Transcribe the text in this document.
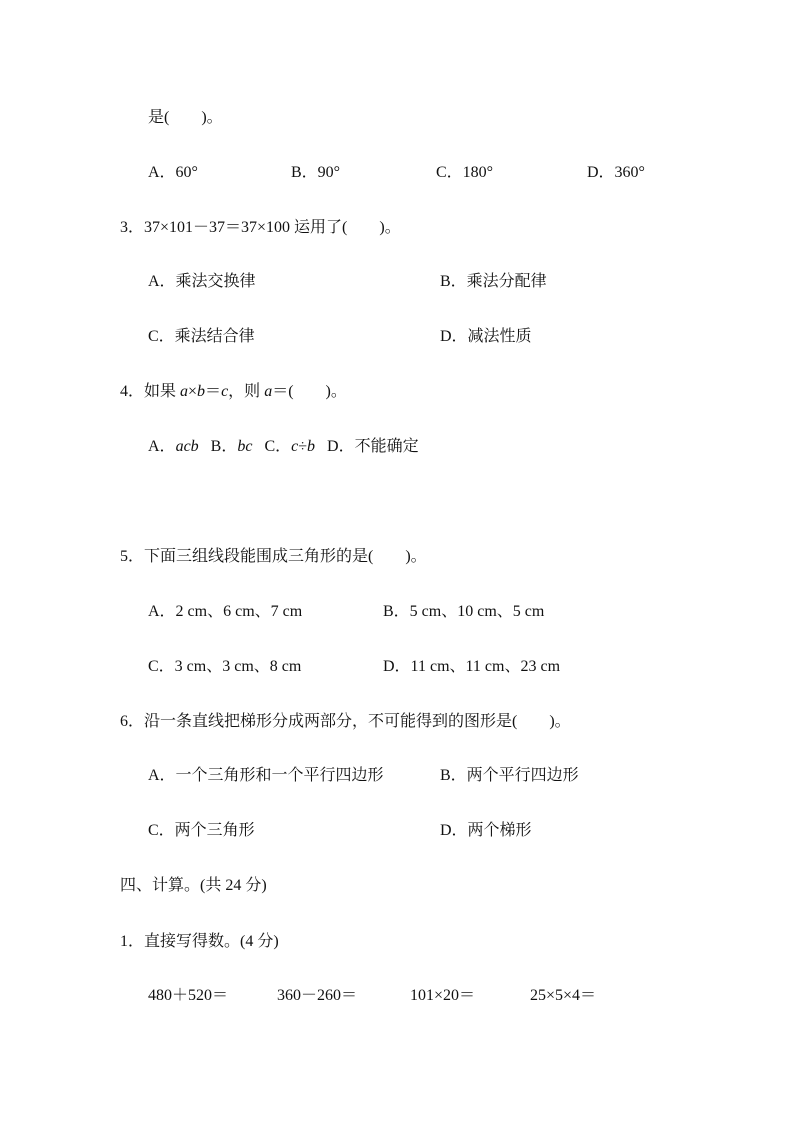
是(　　)。
A．60°	B．90°	C．180°	D．360°
3．37×101－37＝37×100 运用了(　　)。
A．乘法交换律	B．乘法分配律
C．乘法结合律	D．减法性质
4．如果 a×b＝c，则 a＝(　　)。
A．acb B．bc C．c÷b D．不能确定
5．下面三组线段能围成三角形的是(　　)。
A．2 cm、6 cm、7 cm	B．5 cm、10 cm、5 cm
C．3 cm、3 cm、8 cm	D．11 cm、11 cm、23 cm
6．沿一条直线把梯形分成两部分，不可能得到的图形是(　　)。
A．一个三角形和一个平行四边形	B．两个平行四边形
C．两个三角形	D．两个梯形
四、计算。(共 24 分)
1．直接写得数。(4 分)
480＋520＝	360－260＝	101×20＝	25×5×4＝
